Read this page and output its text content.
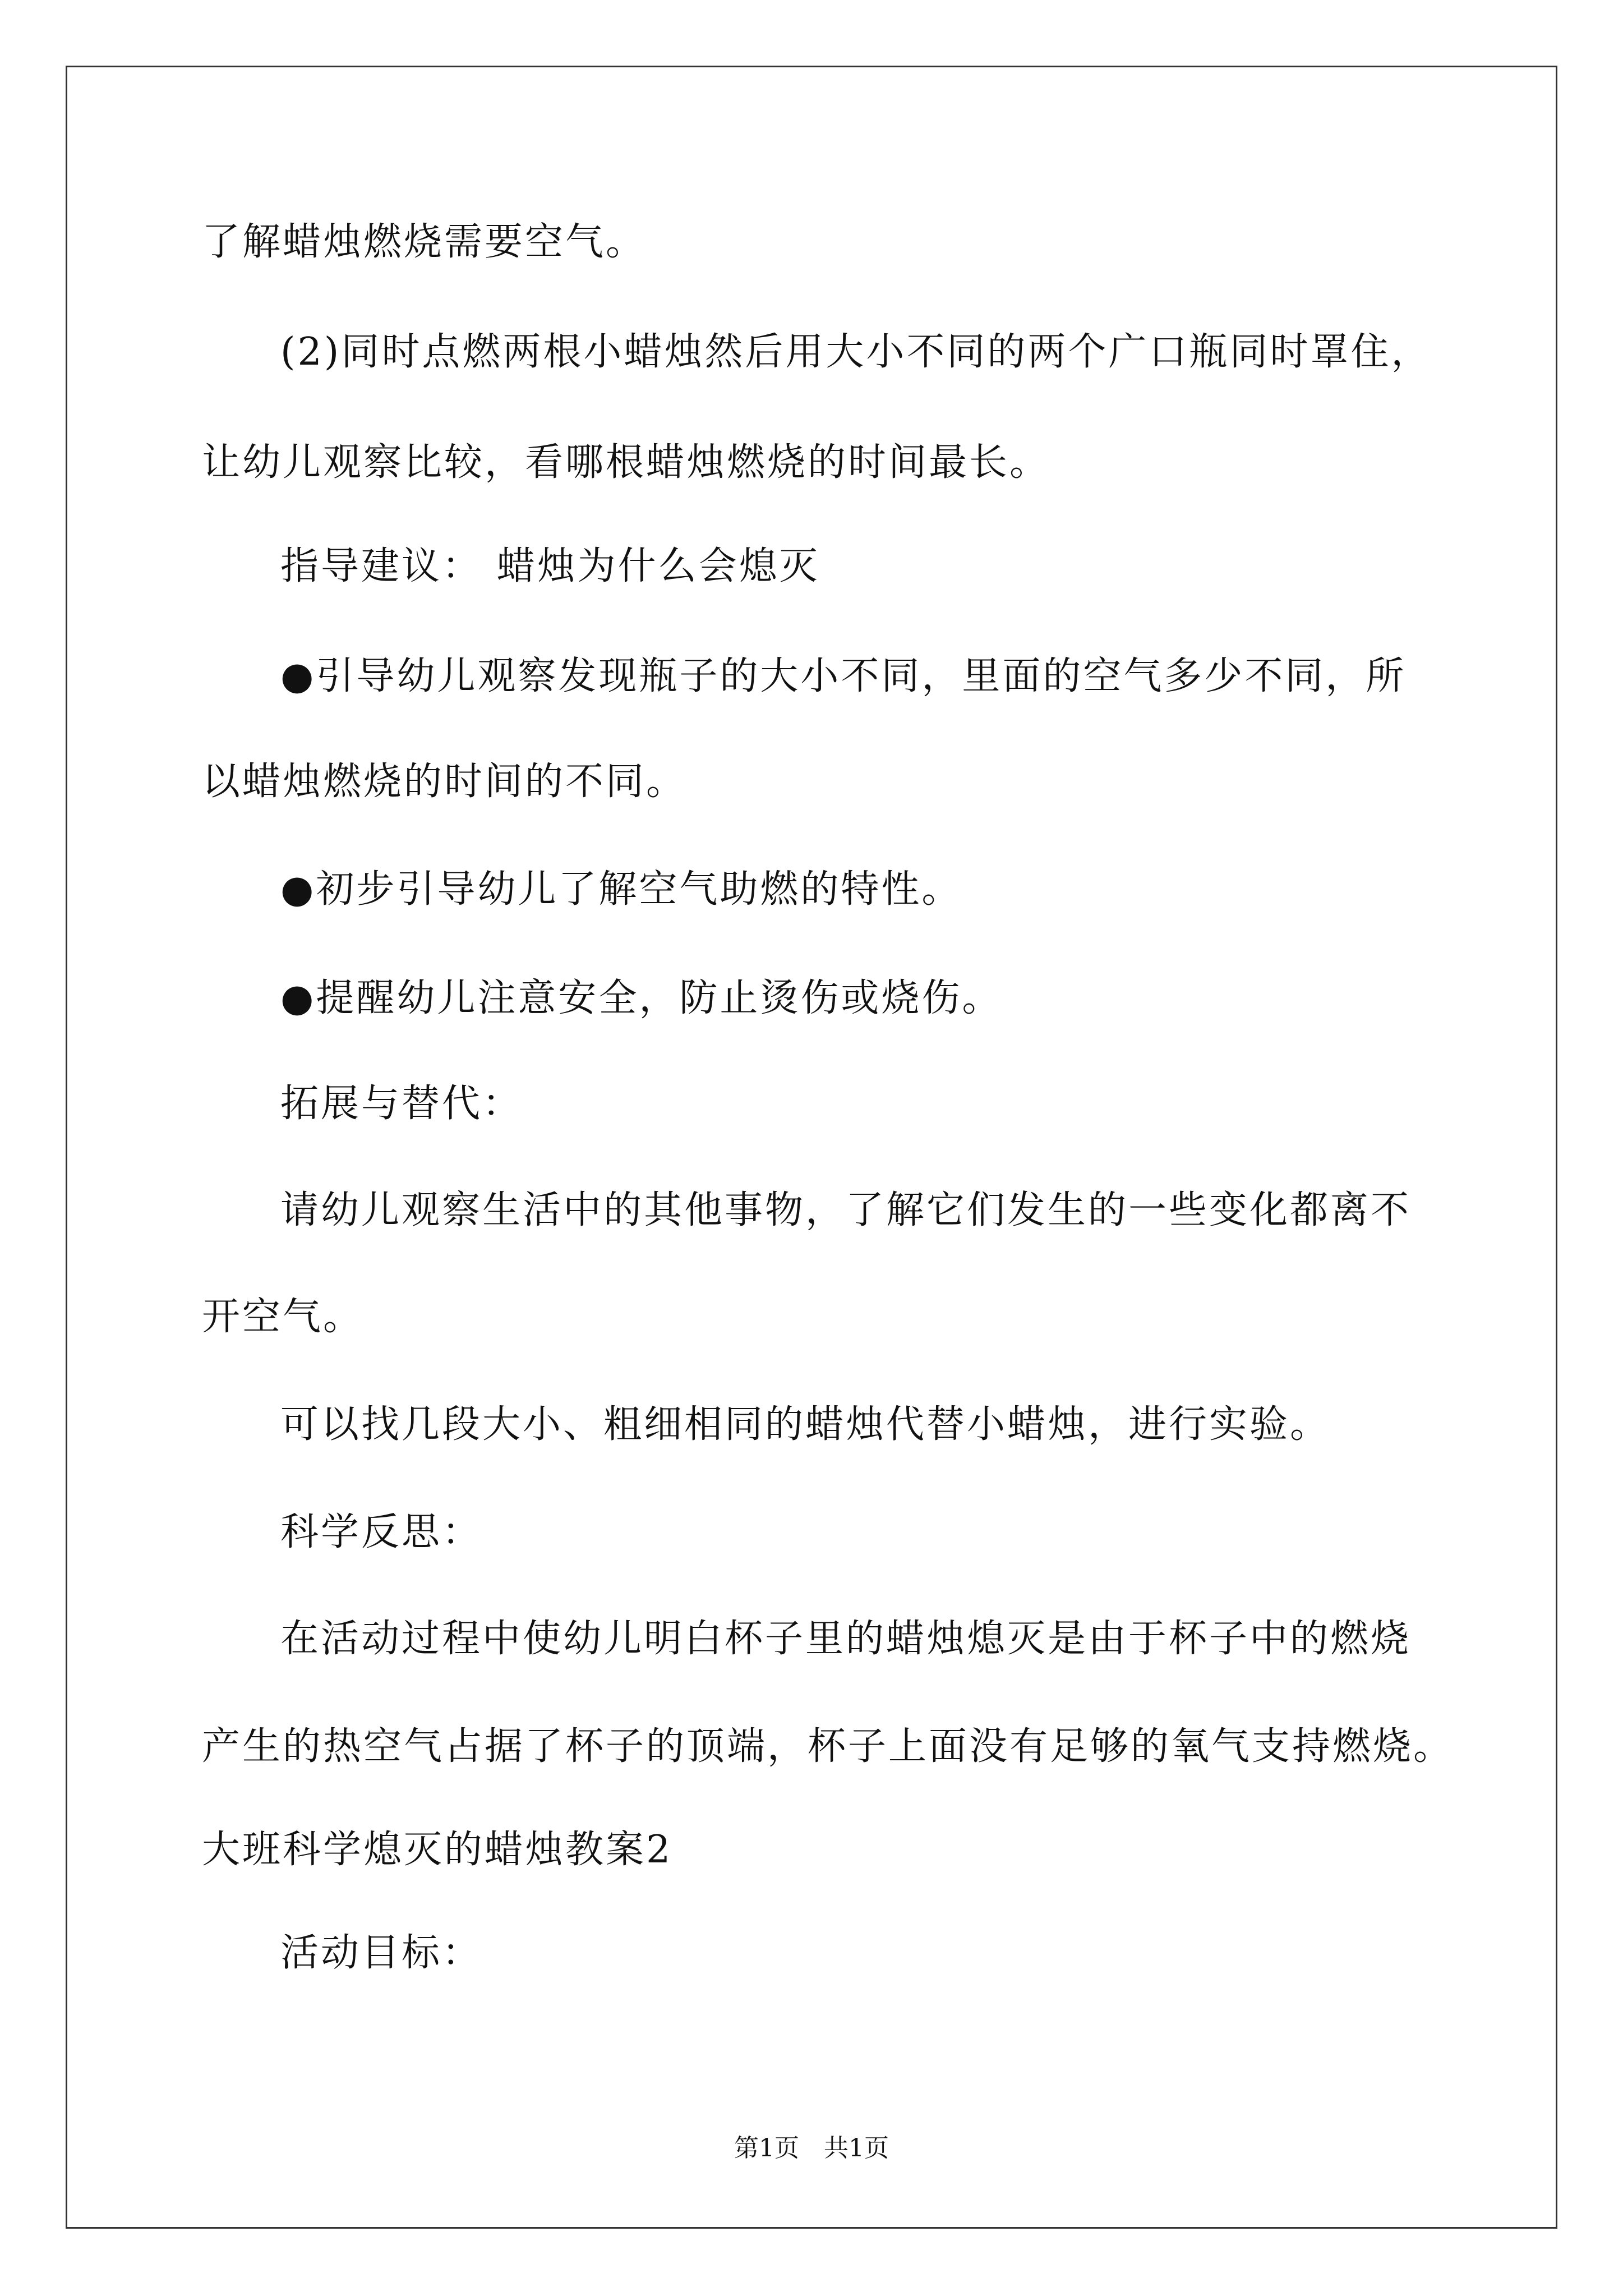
了解蜡烛燃烧需要空气。
(2)同时点燃两根小蜡烛然后用大小不同的两个广口瓶同时罩住，
让幼儿观察比较，看哪根蜡烛燃烧的时间最长。
指导建议： 蜡烛为什么会熄灭
●引导幼儿观察发现瓶子的大小不同，里面的空气多少不同，所
以蜡烛燃烧的时间的不同。
●初步引导幼儿了解空气助燃的特性。
●提醒幼儿注意安全，防止烫伤或烧伤。
拓展与替代：
请幼儿观察生活中的其他事物，了解它们发生的一些变化都离不
开空气。
可以找几段大小、粗细相同的蜡烛代替小蜡烛，进行实验。
科学反思：
在活动过程中使幼儿明白杯子里的蜡烛熄灭是由于杯子中的燃烧
产生的热空气占据了杯子的顶端，杯子上面没有足够的氧气支持燃烧。
大班科学熄灭的蜡烛教案2
活动目标：
第1页　共1页
